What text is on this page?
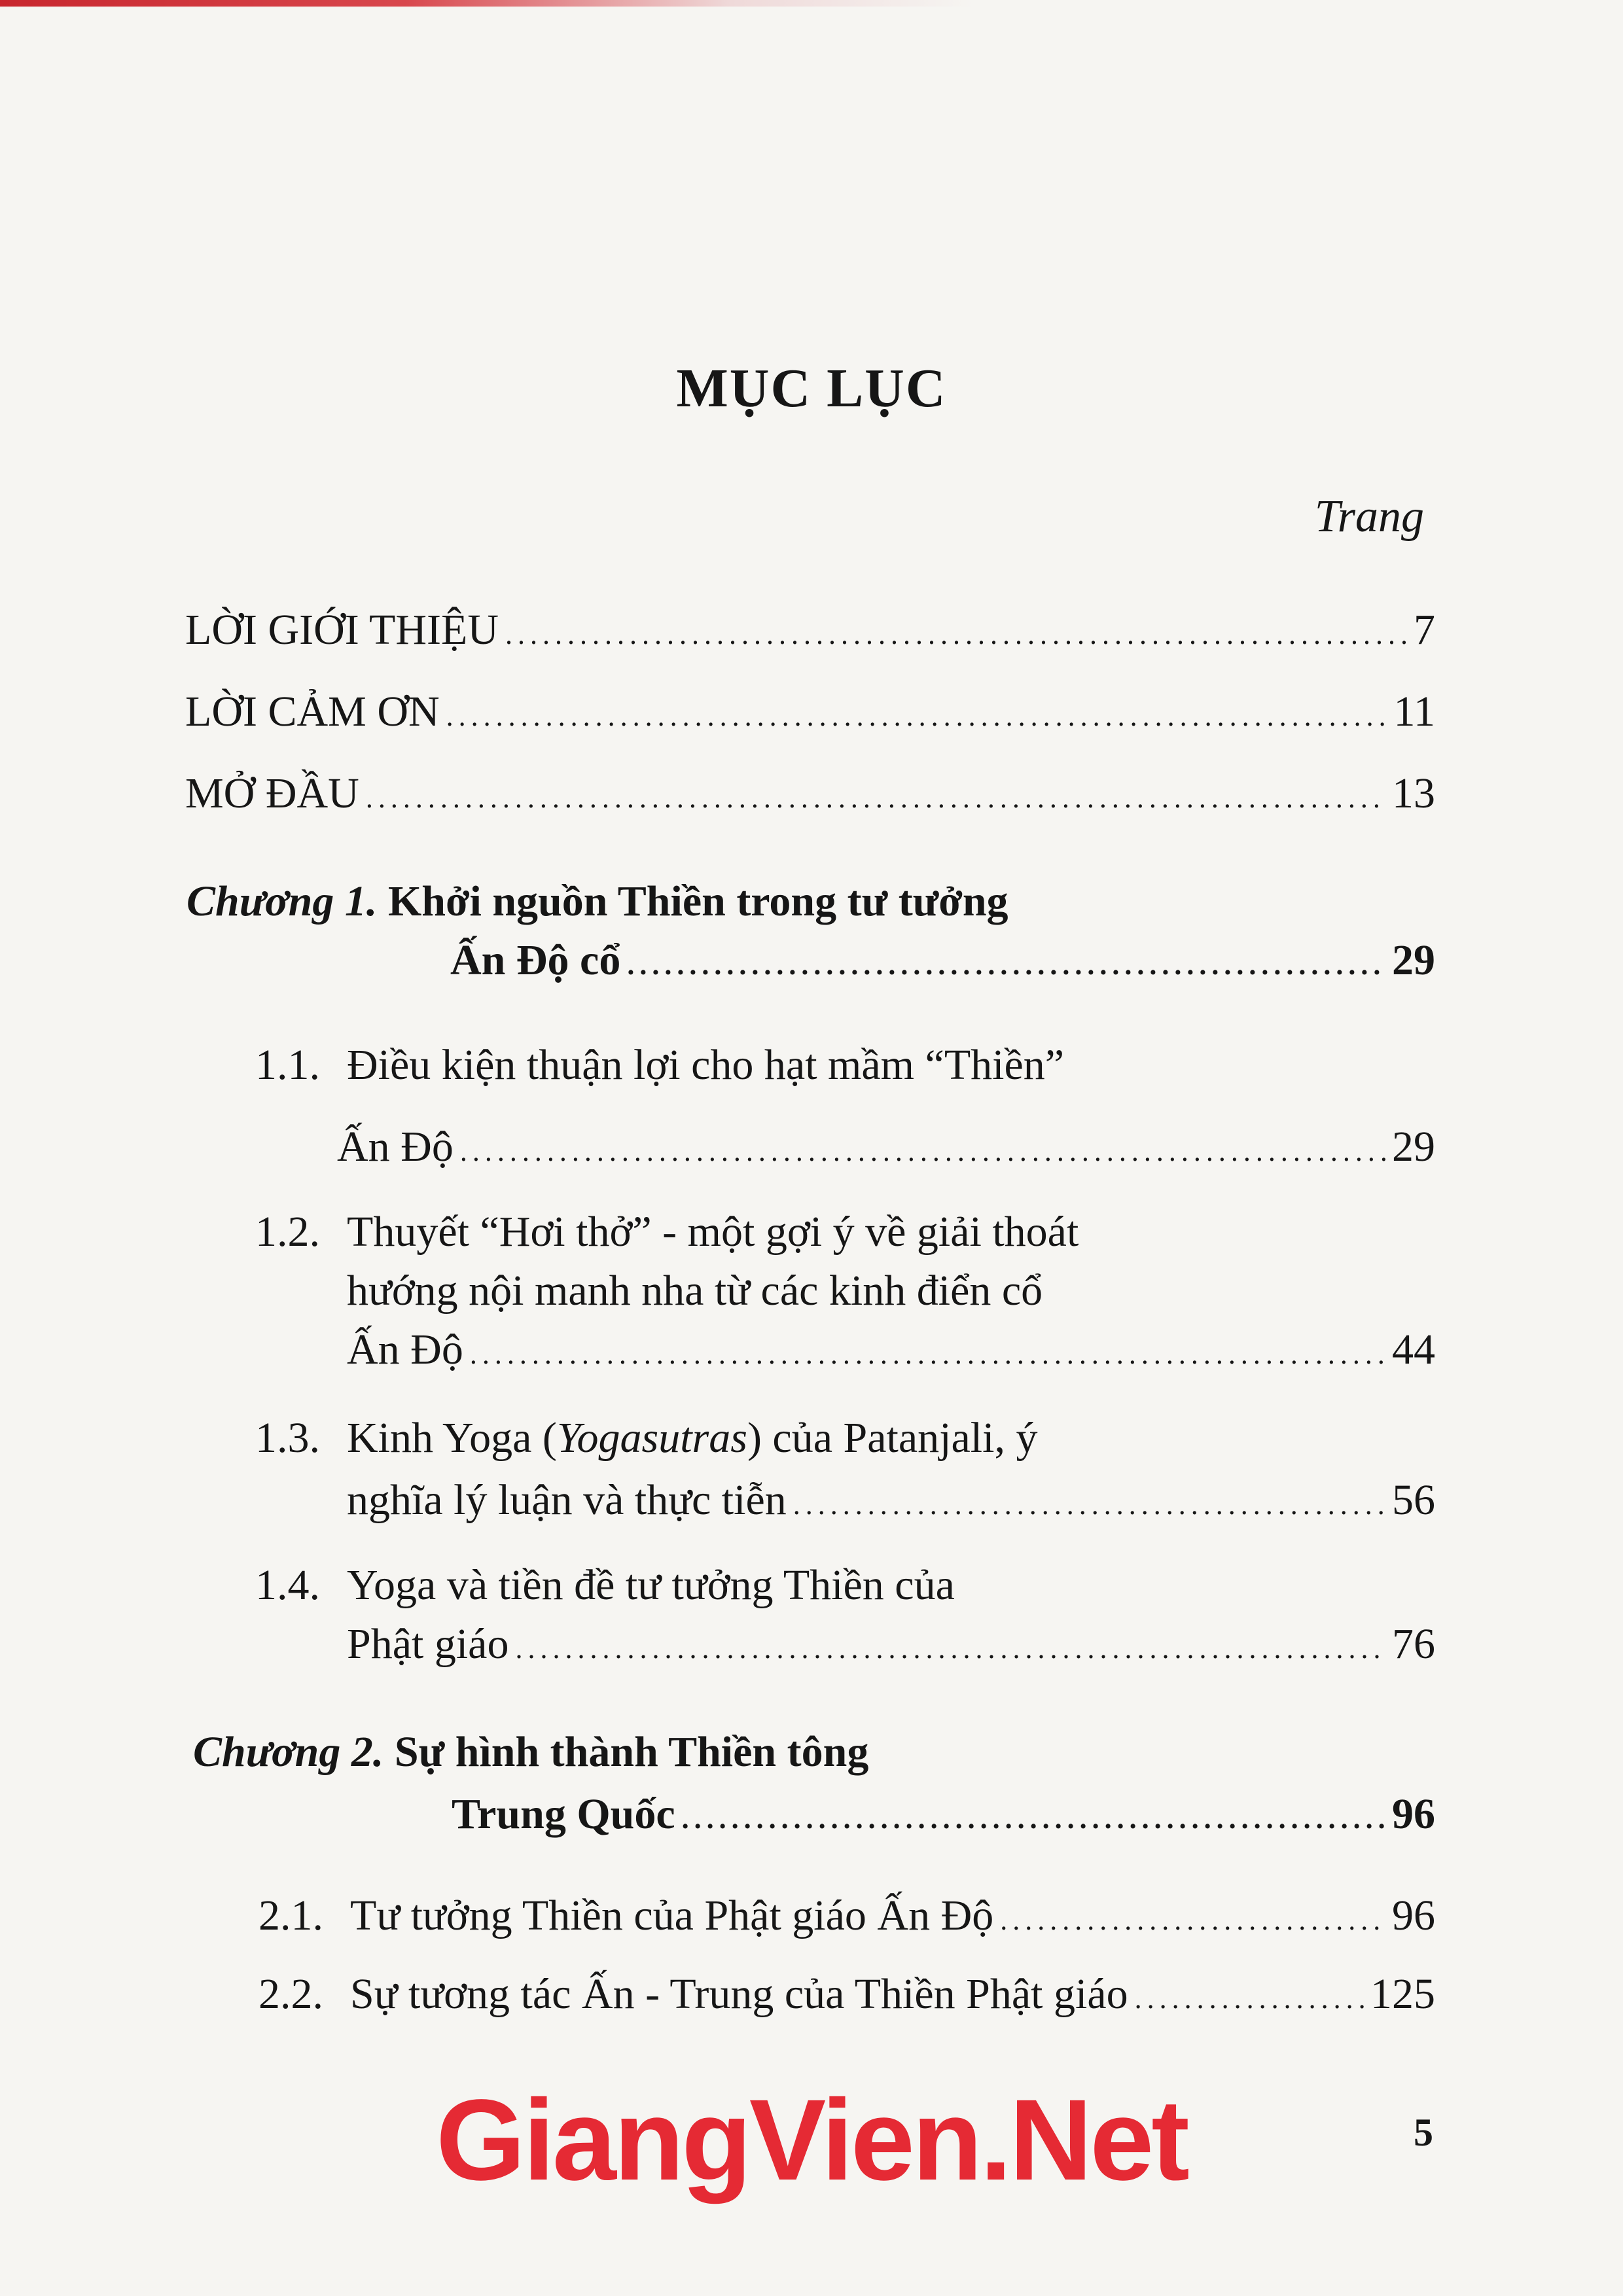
MỤC LỤC
Trang
LỜI GIỚI THIỆU .....	7
LỜI CẢM ƠN .....	11
MỞ ĐẦU .....	13
Chương 1. Khởi nguồn Thiền trong tư tưởng
Ấn Độ cổ .....	29
1.1. Điều kiện thuận lợi cho hạt mầm “Thiền”
Ấn Độ .....	29
1.2. Thuyết “Hơi thở” - một gợi ý về giải thoát
hướng nội manh nha từ các kinh điển cổ
Ấn Độ .....	44
1.3. Kinh Yoga (Yogasutras) của Patanjali, ý
nghĩa lý luận và thực tiễn .....	56
1.4. Yoga và tiền đề tư tưởng Thiền của
Phật giáo .....	76
Chương 2. Sự hình thành Thiền tông
Trung Quốc .....	96
2.1. Tư tưởng Thiền của Phật giáo Ấn Độ .....	96
2.2. Sự tương tác Ấn - Trung của Thiền Phật giáo .....	125
GiangVien.Net	5
